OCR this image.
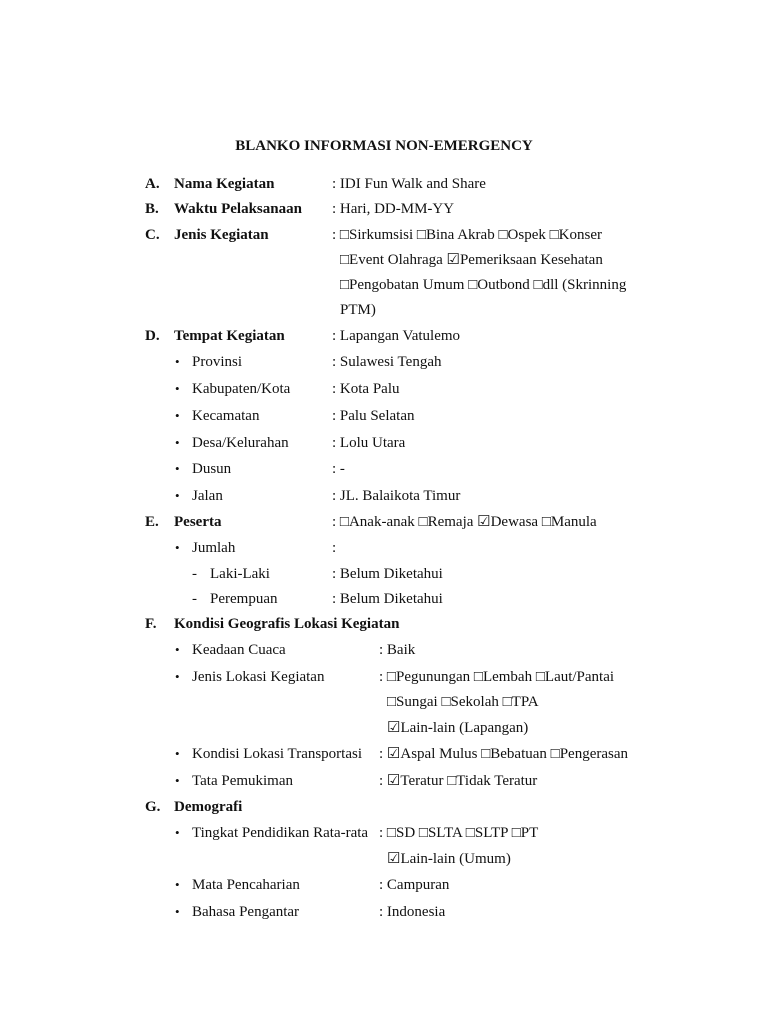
BLANKO INFORMASI NON-EMERGENCY
A. Nama Kegiatan	: IDI Fun Walk and Share
B. Waktu Pelaksanaan : Hari, DD-MM-YY
C. Jenis Kegiatan	: □Sirkumsisi □Bina Akrab □Ospek □Konser
□Event Olahraga ☑Pemeriksaan Kesehatan
□Pengobatan Umum □Outbond □dll (Skrinning
PTM)
D. Tempat Kegiatan	: Lapangan Vatulemo
• Provinsi	: Sulawesi Tengah
• Kabupaten/Kota	: Kota Palu
• Kecamatan	: Palu Selatan
• Desa/Kelurahan	: Lolu Utara
• Dusun	: -
• Jalan	: JL. Balaikota Timur
E. Peserta	: □Anak-anak □Remaja ☑Dewasa □Manula
• Jumlah	:
- Laki-Laki	: Belum Diketahui
- Perempuan	: Belum Diketahui
F. Kondisi Geografis Lokasi Kegiatan
• Keadaan Cuaca	: Baik
• Jenis Lokasi Kegiatan	: □Pegunungan □Lembah □Laut/Pantai
□Sungai □Sekolah □TPA
☑Lain-lain (Lapangan)
• Kondisi Lokasi Transportasi : ☑Aspal Mulus □Bebatuan □Pengerasan
• Tata Pemukiman	: ☑Teratur □Tidak Teratur
G. Demografi
• Tingkat Pendidikan Rata-rata : □SD □SLTA □SLTP □PT
☑Lain-lain (Umum)
• Mata Pencaharian	: Campuran
• Bahasa Pengantar	: Indonesia
